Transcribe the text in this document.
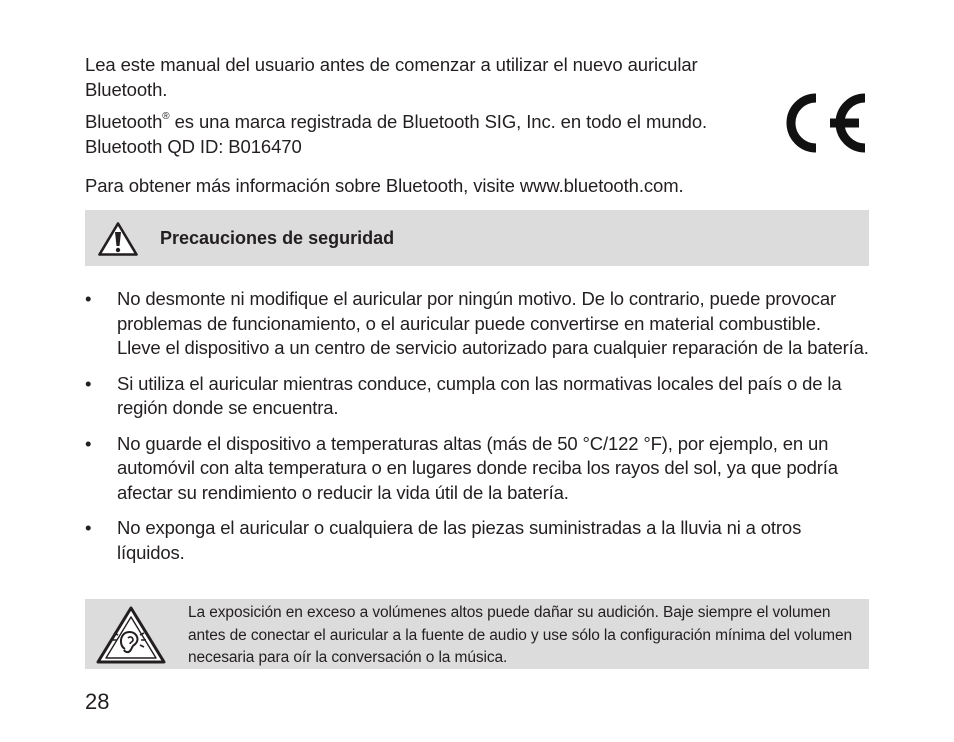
Lea este manual del usuario antes de comenzar a utilizar el nuevo auricular Bluetooth.

Bluetooth® es una marca registrada de Bluetooth SIG, Inc. en todo el mundo. Bluetooth QD ID: B016470

Para obtener más información sobre Bluetooth, visite www.bluetooth.com.

Precauciones de seguridad
• No desmonte ni modifique el auricular por ningún motivo. De lo contrario, puede provocar problemas de funcionamiento, o el auricular puede convertirse en material combustible. Lleve el dispositivo a un centro de servicio autorizado para cualquier reparación de la batería.
• Si utiliza el auricular mientras conduce, cumpla con las normativas locales del país o de la región donde se encuentra.
• No guarde el dispositivo a temperaturas altas (más de 50 °C/122 °F), por ejemplo, en un automóvil con alta temperatura o en lugares donde reciba los rayos del sol, ya que podría afectar su rendimiento o reducir la vida útil de la batería.
• No exponga el auricular o cualquiera de las piezas suministradas a la lluvia ni a otros líquidos.
La exposición en exceso a volúmenes altos puede dañar su audición. Baje siempre el volumen antes de conectar el auricular a la fuente de audio y use sólo la configuración mínima del volumen necesaria para oír la conversación o la música.
28
